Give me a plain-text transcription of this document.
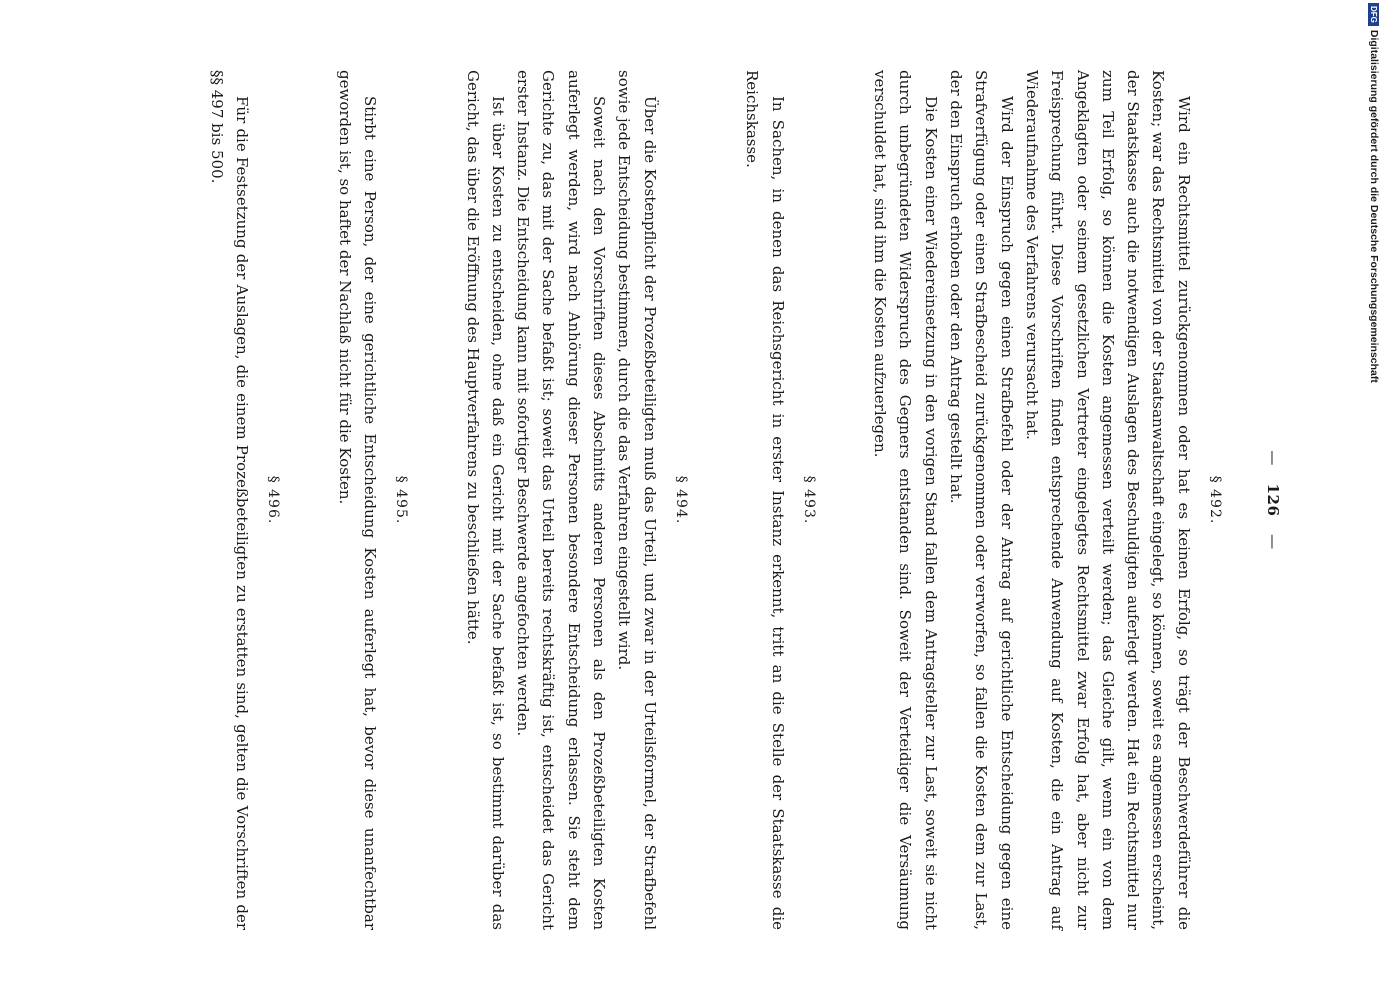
— 126 —
§ 492.

Wird ein Rechtsmittel zurückgenommen oder hat es keinen Erfolg, so trägt der Beschwerdeführer die Kosten; war das Rechtsmittel von der Staatsanwaltschaft eingelegt, so können, soweit es angemessen erscheint, der Staatskasse auch die notwendigen Auslagen des Beschuldigten auferlegt werden. Hat ein Rechtsmittel nur zum Teil Erfolg, so können die Kosten angemessen verteilt werden; das Gleiche gilt, wenn ein von dem Angeklagten oder seinem gesetzlichen Vertreter eingelegtes Rechtsmittel zwar Erfolg hat, aber nicht zur Freisprechung führt. Diese Vorschriften finden entsprechende Anwendung auf Kosten, die ein Antrag auf Wiederaufnahme des Verfahrens verursacht hat.

Wird der Einspruch gegen einen Strafbefehl oder der Antrag auf gerichtliche Entscheidung gegen eine Strafverfügung oder einen Strafbescheid zurückgenommen oder verworfen, so fallen die Kosten dem zur Last, der den Einspruch erhoben oder den Antrag gestellt hat.

Die Kosten einer Wiedereinsetzung in den vorigen Stand fallen dem Antragsteller zur Last, soweit sie nicht durch unbegründeten Widerspruch des Gegners entstanden sind. Soweit der Verteidiger die Versäumung verschuldet hat, sind ihm die Kosten aufzuerlegen.

§ 493.

In Sachen, in denen das Reichsgericht in erster Instanz erkennt, tritt an die Stelle der Staatskasse die Reichskasse.

§ 494.

Über die Kostenpflicht der Prozeßbeteiligten muß das Urteil, und zwar in der Urteilsformel, der Strafbefehl sowie jede Entscheidung bestimmen, durch die das Verfahren eingestellt wird.

Soweit nach den Vorschriften dieses Abschnitts anderen Personen als den Prozeßbeteiligten Kosten auferlegt werden, wird nach Anhörung dieser Personen besondere Entscheidung erlassen. Sie steht dem Gerichte zu, das mit der Sache befaßt ist; soweit das Urteil bereits rechtskräftig ist, entscheidet das Gericht erster Instanz. Die Entscheidung kann mit sofortiger Beschwerde angefochten werden.

Ist über Kosten zu entscheiden, ohne daß ein Gericht mit der Sache befaßt ist, so bestimmt darüber das Gericht, das über die Eröffnung des Hauptverfahrens zu beschließen hätte.

§ 495.

Stirbt eine Person, der eine gerichtliche Entscheidung Kosten auferlegt hat, bevor diese unanfechtbar geworden ist, so haftet der Nachlaß nicht für die Kosten.

§ 496.

Für die Festsetzung der Auslagen, die einem Prozeßbeteiligten zu erstatten sind, gelten die Vorschriften der §§ 497 bis 500.

DFG
Digitalisierung gefördert durch die Deutsche Forschungsgemeinschaft
